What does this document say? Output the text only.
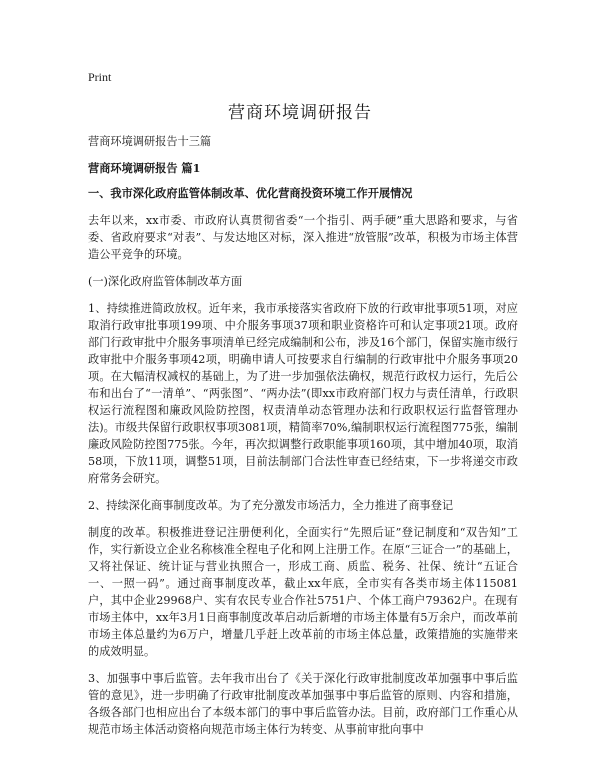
Print
营商环境调研报告

营商环境调研报告十三篇

营商环境调研报告 篇1

一、我市深化政府监管体制改革、优化营商投资环境工作开展情况

去年以来，xx市委、市政府认真贯彻省委“一个指引、两手硬”重大思路和要求，与省委、省政府要求“对表”、与发达地区对标，深入推进“放管服”改革，积极为市场主体营造公平竞争的环境。

(一)深化政府监管体制改革方面

1、持续推进简政放权。近年来，我市承接落实省政府下放的行政审批事项51项，对应取消行政审批事项199项、中介服务事项37项和职业资格许可和认定事项21项。政府部门行政审批中介服务事项清单已经完成编制和公布，涉及16个部门，保留实施市级行政审批中介服务事项42项，明确申请人可按要求自行编制的行政审批中介服务事项20项。在大幅清权减权的基础上，为了进一步加强依法确权，规范行政权力运行，先后公布和出台了“一清单”、“两张图”、“两办法”(即xx市政府部门权力与责任清单，行政职权运行流程图和廉政风险防控图，权责清单动态管理办法和行政职权运行监督管理办法)。市级共保留行政职权事项3081项，精简率70%,编制职权运行流程图775张，编制廉政风险防控图775张。今年，再次拟调整行政职能事项160项，其中增加40项，取消58项，下放11项，调整51项，目前法制部门合法性审查已经结束，下一步将递交市政府常务会研究。

2、持续深化商事制度改革。为了充分激发市场活力，全力推进了商事登记

制度的改革。积极推进登记注册便利化，全面实行“先照后证”登记制度和“双告知”工作，实行新设立企业名称核准全程电子化和网上注册工作。在原“三证合一”的基础上，又将社保证、统计证与营业执照合一，形成工商、质监、税务、社保、统计“五证合一、一照一码”。通过商事制度改革，截止xx年底，全市实有各类市场主体115081户，其中企业29968户、实有农民专业合作社5751户、个体工商户79362户。在现有市场主体中，xx年3月1日商事制度改革启动后新增的市场主体量有5万余户，而改革前市场主体总量约为6万户，增量几乎赶上改革前的市场主体总量，政策措施的实施带来的成效明显。

3、加强事中事后监管。去年我市出台了《关于深化行政审批制度改革加强事中事后监管的意见》，进一步明确了行政审批制度改革加强事中事后监管的原则、内容和措施，各级各部门也相应出台了本级本部门的事中事后监管办法。目前，政府部门工作重心从规范市场主体活动资格向规范市场主体行为转变、从事前审批向事中
